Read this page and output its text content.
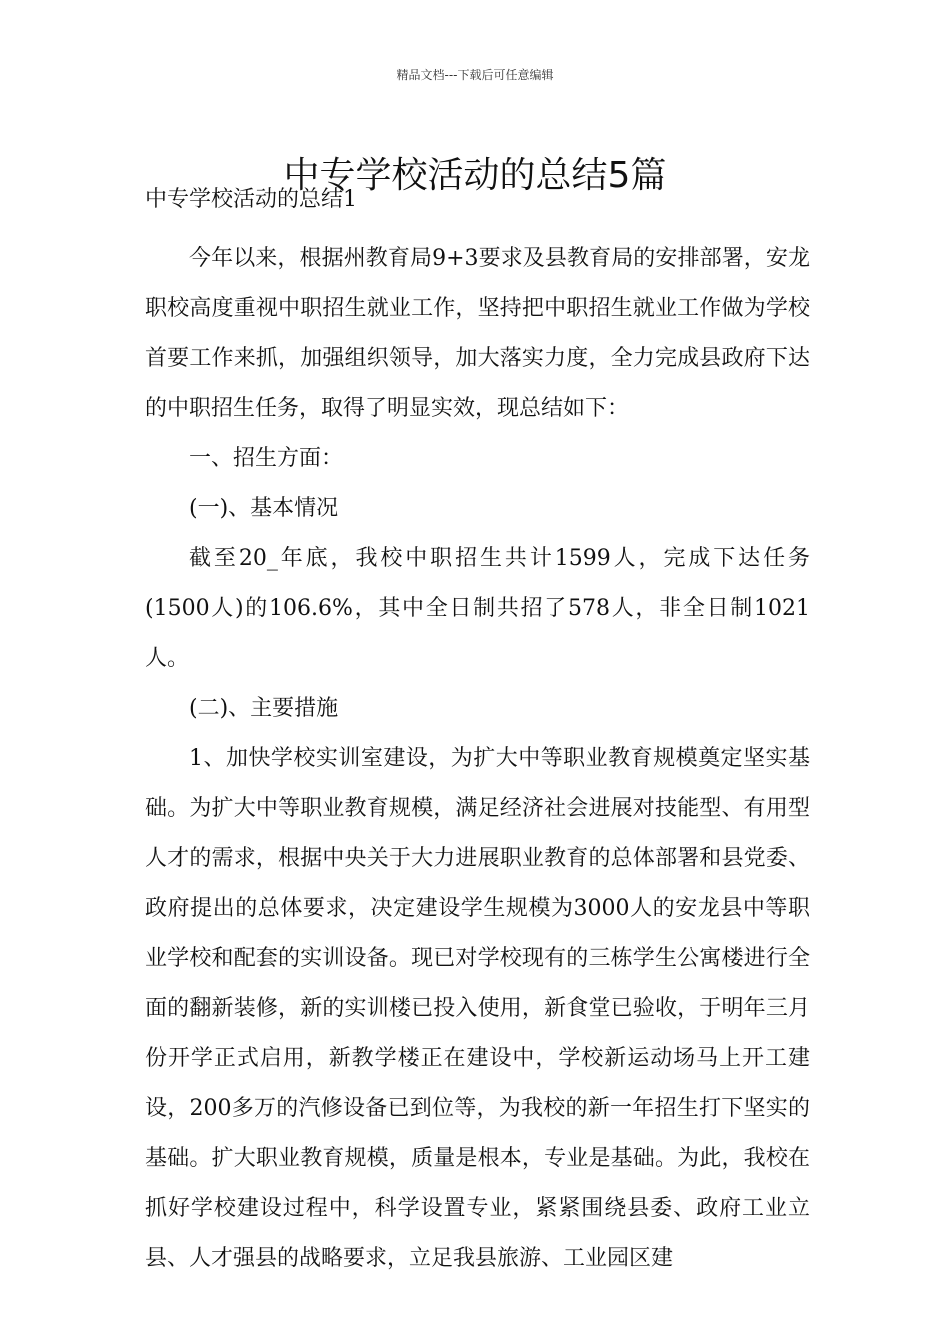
精品文档---下载后可任意编辑
中专学校活动的总结5篇
中专学校活动的总结1

今年以来，根据州教育局9+3要求及县教育局的安排部署，安龙职校高度重视中职招生就业工作，坚持把中职招生就业工作做为学校首要工作来抓，加强组织领导，加大落实力度，全力完成县政府下达的中职招生任务，取得了明显实效，现总结如下：

一、招生方面：

(一)、基本情况

截至20_年底，我校中职招生共计1599人，完成下达任务(1500人)的106.6%，其中全日制共招了578人，非全日制1021人。

(二)、主要措施

1、加快学校实训室建设，为扩大中等职业教育规模奠定坚实基础。为扩大中等职业教育规模，满足经济社会进展对技能型、有用型人才的需求，根据中央关于大力进展职业教育的总体部署和县党委、政府提出的总体要求，决定建设学生规模为3000人的安龙县中等职业学校和配套的实训设备。现已对学校现有的三栋学生公寓楼进行全面的翻新装修，新的实训楼已投入使用，新食堂已验收，于明年三月份开学正式启用，新教学楼正在建设中，学校新运动场马上开工建设，200多万的汽修设备已到位等，为我校的新一年招生打下坚实的基础。扩大职业教育规模，质量是根本，专业是基础。为此，我校在抓好学校建设过程中，科学设置专业，紧紧围绕县委、政府工业立县、人才强县的战略要求，立足我县旅游、工业园区建
